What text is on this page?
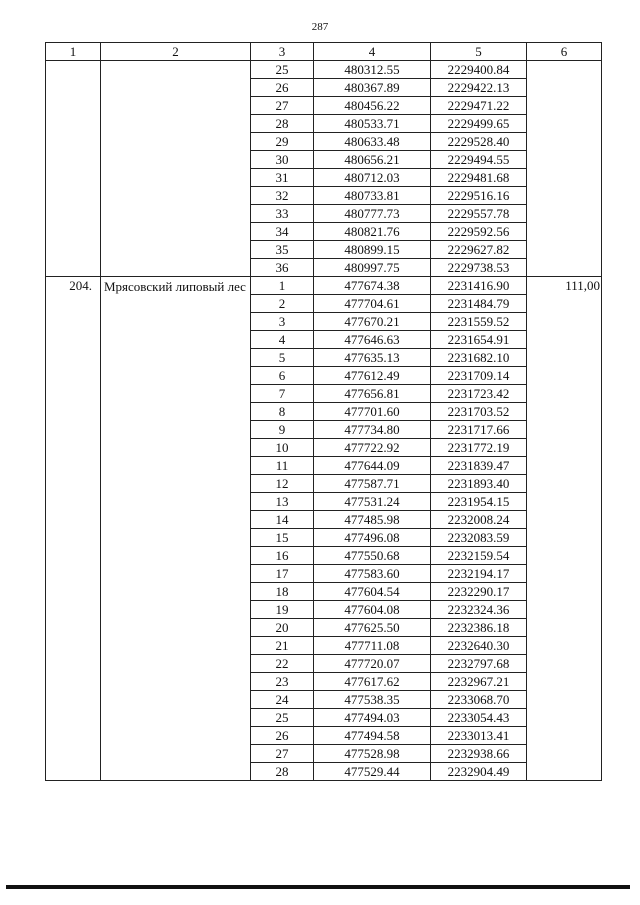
287
1	2	3	4	5	6
		25	480312.55	2229400.84	
		26	480367.89	2229422.13	
		27	480456.22	2229471.22	
		28	480533.71	2229499.65	
		29	480633.48	2229528.40	
		30	480656.21	2229494.55	
		31	480712.03	2229481.68	
		32	480733.81	2229516.16	
		33	480777.73	2229557.78	
		34	480821.76	2229592.56	
		35	480899.15	2229627.82	
		36	480997.75	2229738.53	
204.	Мрясовский липовый лес	1	477674.38	2231416.90	111,00
		2	477704.61	2231484.79	
		3	477670.21	2231559.52	
		4	477646.63	2231654.91	
		5	477635.13	2231682.10	
		6	477612.49	2231709.14	
		7	477656.81	2231723.42	
		8	477701.60	2231703.52	
		9	477734.80	2231717.66	
		10	477722.92	2231772.19	
		11	477644.09	2231839.47	
		12	477587.71	2231893.40	
		13	477531.24	2231954.15	
		14	477485.98	2232008.24	
		15	477496.08	2232083.59	
		16	477550.68	2232159.54	
		17	477583.60	2232194.17	
		18	477604.54	2232290.17	
		19	477604.08	2232324.36	
		20	477625.50	2232386.18	
		21	477711.08	2232640.30	
		22	477720.07	2232797.68	
		23	477617.62	2232967.21	
		24	477538.35	2233068.70	
		25	477494.03	2233054.43	
		26	477494.58	2233013.41	
		27	477528.98	2232938.66	
		28	477529.44	2232904.49	
